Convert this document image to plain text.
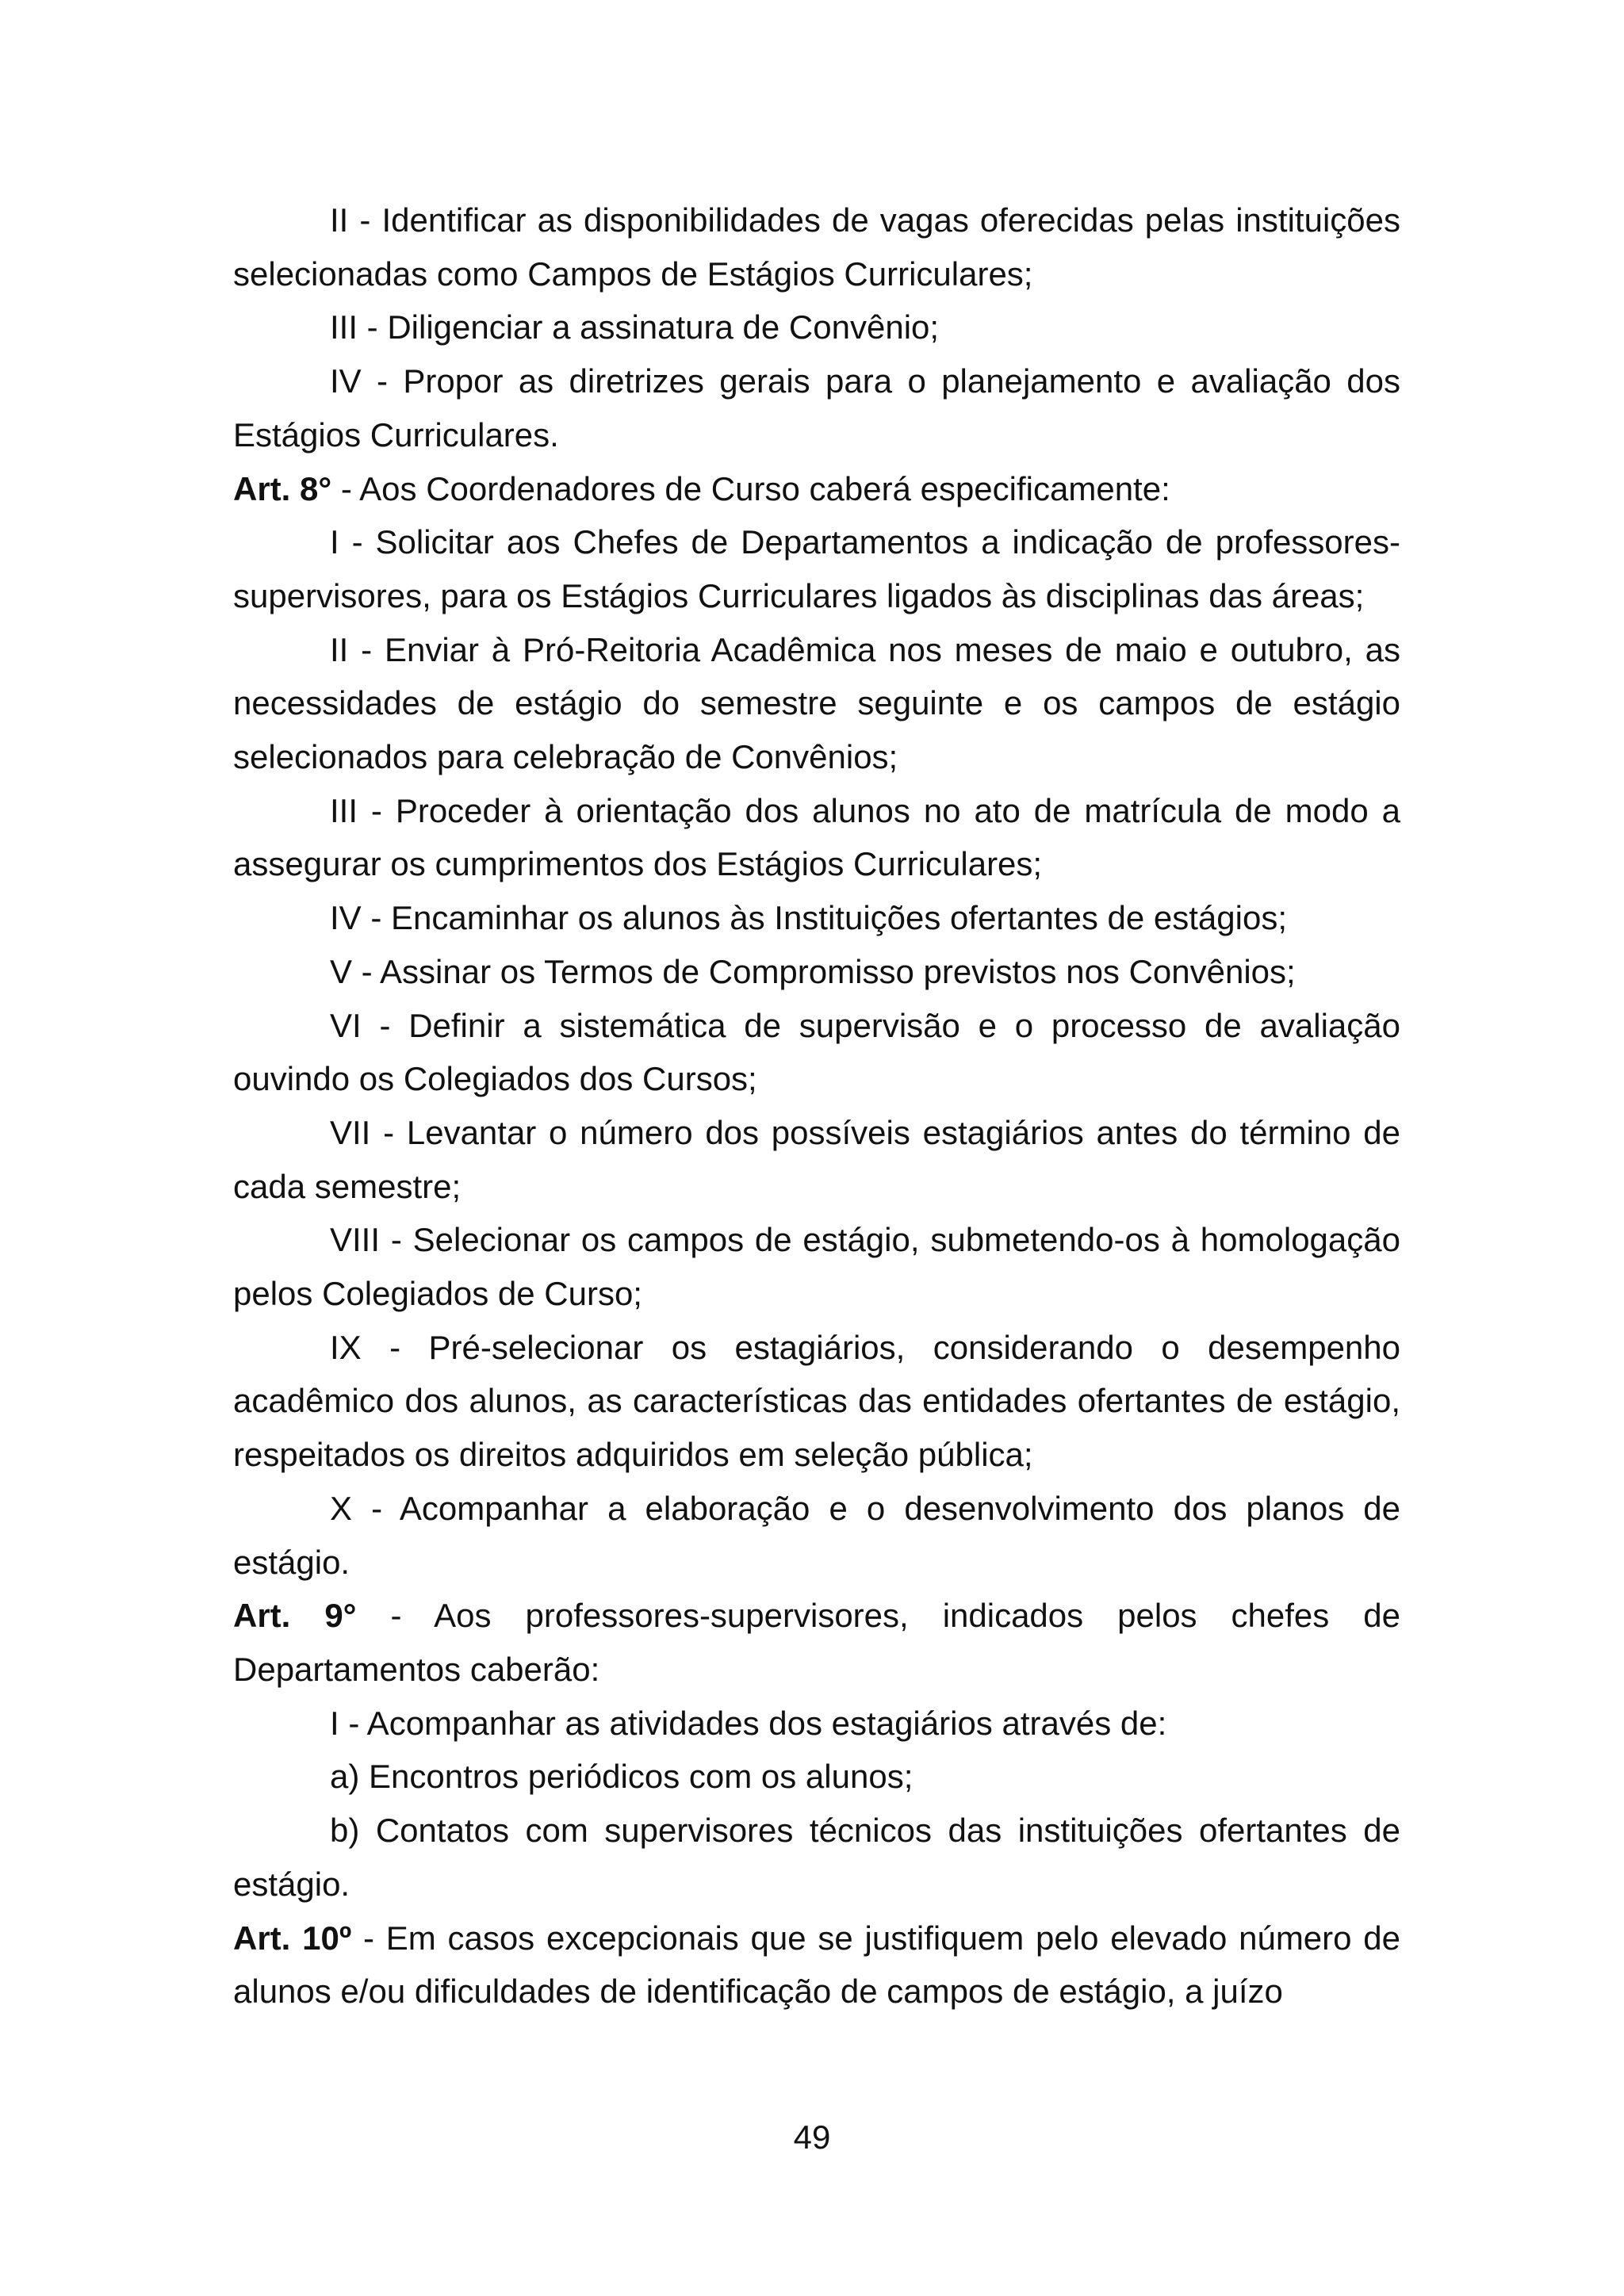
II - Identificar as disponibilidades de vagas oferecidas pelas instituições selecionadas como Campos de Estágios Curriculares;

III - Diligenciar a assinatura de Convênio;

IV - Propor as diretrizes gerais para o planejamento e avaliação dos Estágios Curriculares.

Art. 8° - Aos Coordenadores de Curso caberá especificamente:

I - Solicitar aos Chefes de Departamentos a indicação de professores-supervisores, para os Estágios Curriculares ligados às disciplinas das áreas;

II - Enviar à Pró-Reitoria Acadêmica nos meses de maio e outubro, as necessidades de estágio do semestre seguinte e os campos de estágio selecionados para celebração de Convênios;

III - Proceder à orientação dos alunos no ato de matrícula de modo a assegurar os cumprimentos dos Estágios Curriculares;

IV - Encaminhar os alunos às Instituições ofertantes de estágios;

V - Assinar os Termos de Compromisso previstos nos Convênios;

VI - Definir a sistemática de supervisão e o processo de avaliação ouvindo os Colegiados dos Cursos;

VII - Levantar o número dos possíveis estagiários antes do término de cada semestre;

VIII - Selecionar os campos de estágio, submetendo-os à homologação pelos Colegiados de Curso;

IX - Pré-selecionar os estagiários, considerando o desempenho acadêmico dos alunos, as características das entidades ofertantes de estágio, respeitados os direitos adquiridos em seleção pública;

X - Acompanhar a elaboração e o desenvolvimento dos planos de estágio.

Art. 9° - Aos professores-supervisores, indicados pelos chefes de Departamentos caberão:

I - Acompanhar as atividades dos estagiários através de:

a) Encontros periódicos com os alunos;

b) Contatos com supervisores técnicos das instituições ofertantes de estágio.

Art. 10º - Em casos excepcionais que se justifiquem pelo elevado número de alunos e/ou dificuldades de identificação de campos de estágio, a juízo

49
